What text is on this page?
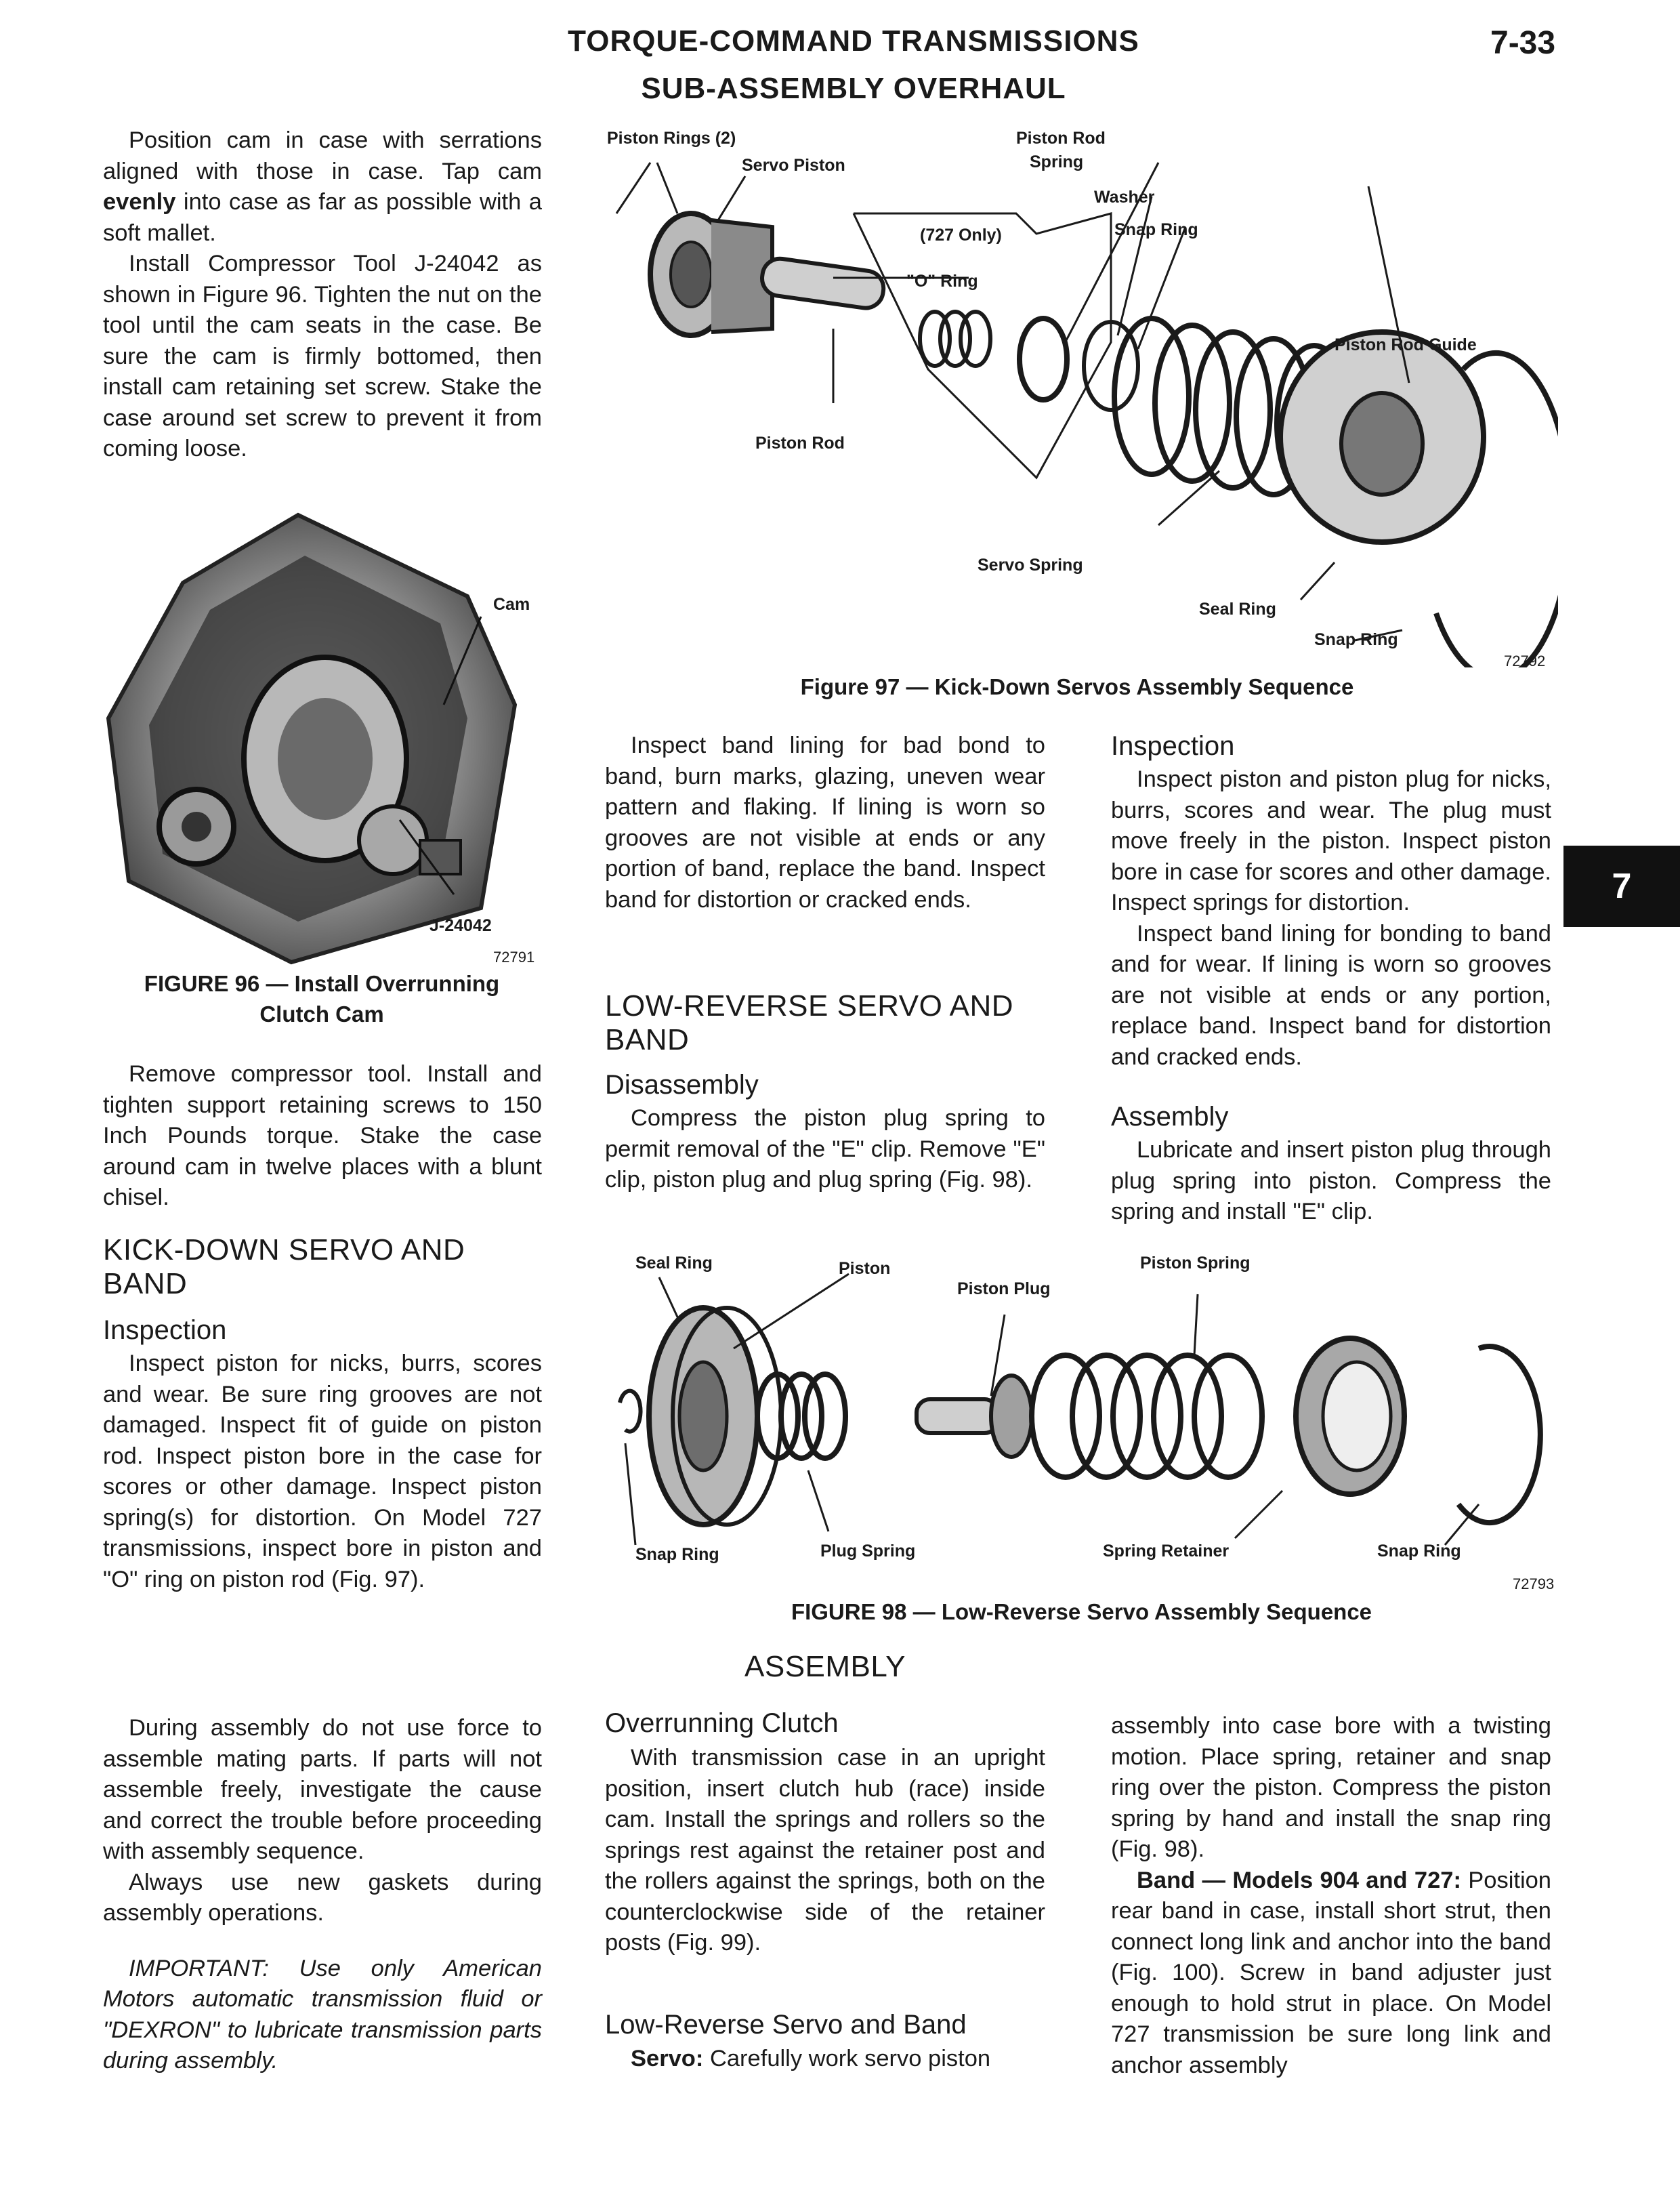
TORQUE-COMMAND TRANSMISSIONS
SUB-ASSEMBLY OVERHAUL
7-33
7

Position cam in case with serrations aligned with those in case. Tap cam evenly into case as far as possible with a soft mallet.

Install Compressor Tool J-24042 as shown in Figure 96. Tighten the nut on the tool until the cam seats in the case. Be sure the cam is firmly bottomed, then install cam retaining set screw. Stake the case around set screw to prevent it from coming loose.

Cam
J-24042
72791
FIGURE 96 — Install Overrunning
Clutch Cam

Remove compressor tool. Install and tighten support retaining screws to 150 Inch Pounds torque. Stake the case around cam in twelve places with a blunt chisel.

KICK-DOWN SERVO AND BAND
Inspection

Inspect piston for nicks, burrs, scores and wear. Be sure ring grooves are not damaged. Inspect fit of guide on piston rod. Inspect piston bore in the case for scores or other damage. Inspect piston spring(s) for distortion. On Model 727 transmissions, inspect bore in piston and "O" ring on piston rod (Fig. 97).

Piston Rings (2)
Servo Piston
Piston Rod
Spring
Washer
Snap Ring
(727 Only)
"O" Ring
Piston Rod Guide
Piston Rod
Servo Spring
Seal Ring
Snap Ring
72792
Figure 97 — Kick-Down Servos Assembly Sequence

Inspect band lining for bad bond to band, burn marks, glazing, uneven wear pattern and flaking. If lining is worn so grooves are not visible at ends or any portion of band, replace the band. Inspect band for distortion or cracked ends.

LOW-REVERSE SERVO AND BAND
Disassembly

Compress the piston plug spring to permit removal of the "E" clip. Remove "E" clip, piston plug and plug spring (Fig. 98).

Inspection

Inspect piston and piston plug for nicks, burrs, scores and wear. The plug must move freely in the piston. Inspect piston bore in case for scores and other damage. Inspect springs for distortion.

Inspect band lining for bonding to band and for wear. If lining is worn so grooves are not visible at ends or any portion, replace band. Inspect band for distortion and cracked ends.

Assembly

Lubricate and insert piston plug through plug spring into piston. Compress the spring and install "E" clip.

Seal Ring	Piston
Piston Plug
Piston Spring
Snap Ring	Plug Spring	Spring Retainer	Snap Ring
72793
FIGURE 98 — Low-Reverse Servo Assembly Sequence
ASSEMBLY

During assembly do not use force to assemble mating parts. If parts will not assemble freely, investigate the cause and correct the trouble before proceeding with assembly sequence.

Always use new gaskets during assembly operations.

IMPORTANT: Use only American Motors automatic transmission fluid or "DEXRON" to lubricate transmission parts during assembly.

Overrunning Clutch

With transmission case in an upright position, insert clutch hub (race) inside cam. Install the springs and rollers so the springs rest against the retainer post and the rollers against the springs, both on the counterclockwise side of the retainer posts (Fig. 99).

Low-Reverse Servo and Band

Servo: Carefully work servo piston

assembly into case bore with a twisting motion. Place spring, retainer and snap ring over the piston. Compress the piston spring by hand and install the snap ring (Fig. 98).

Band — Models 904 and 727: Position rear band in case, install short strut, then connect long link and anchor into the band (Fig. 100). Screw in band adjuster just enough to hold strut in place. On Model 727 transmission be sure long link and anchor assembly
